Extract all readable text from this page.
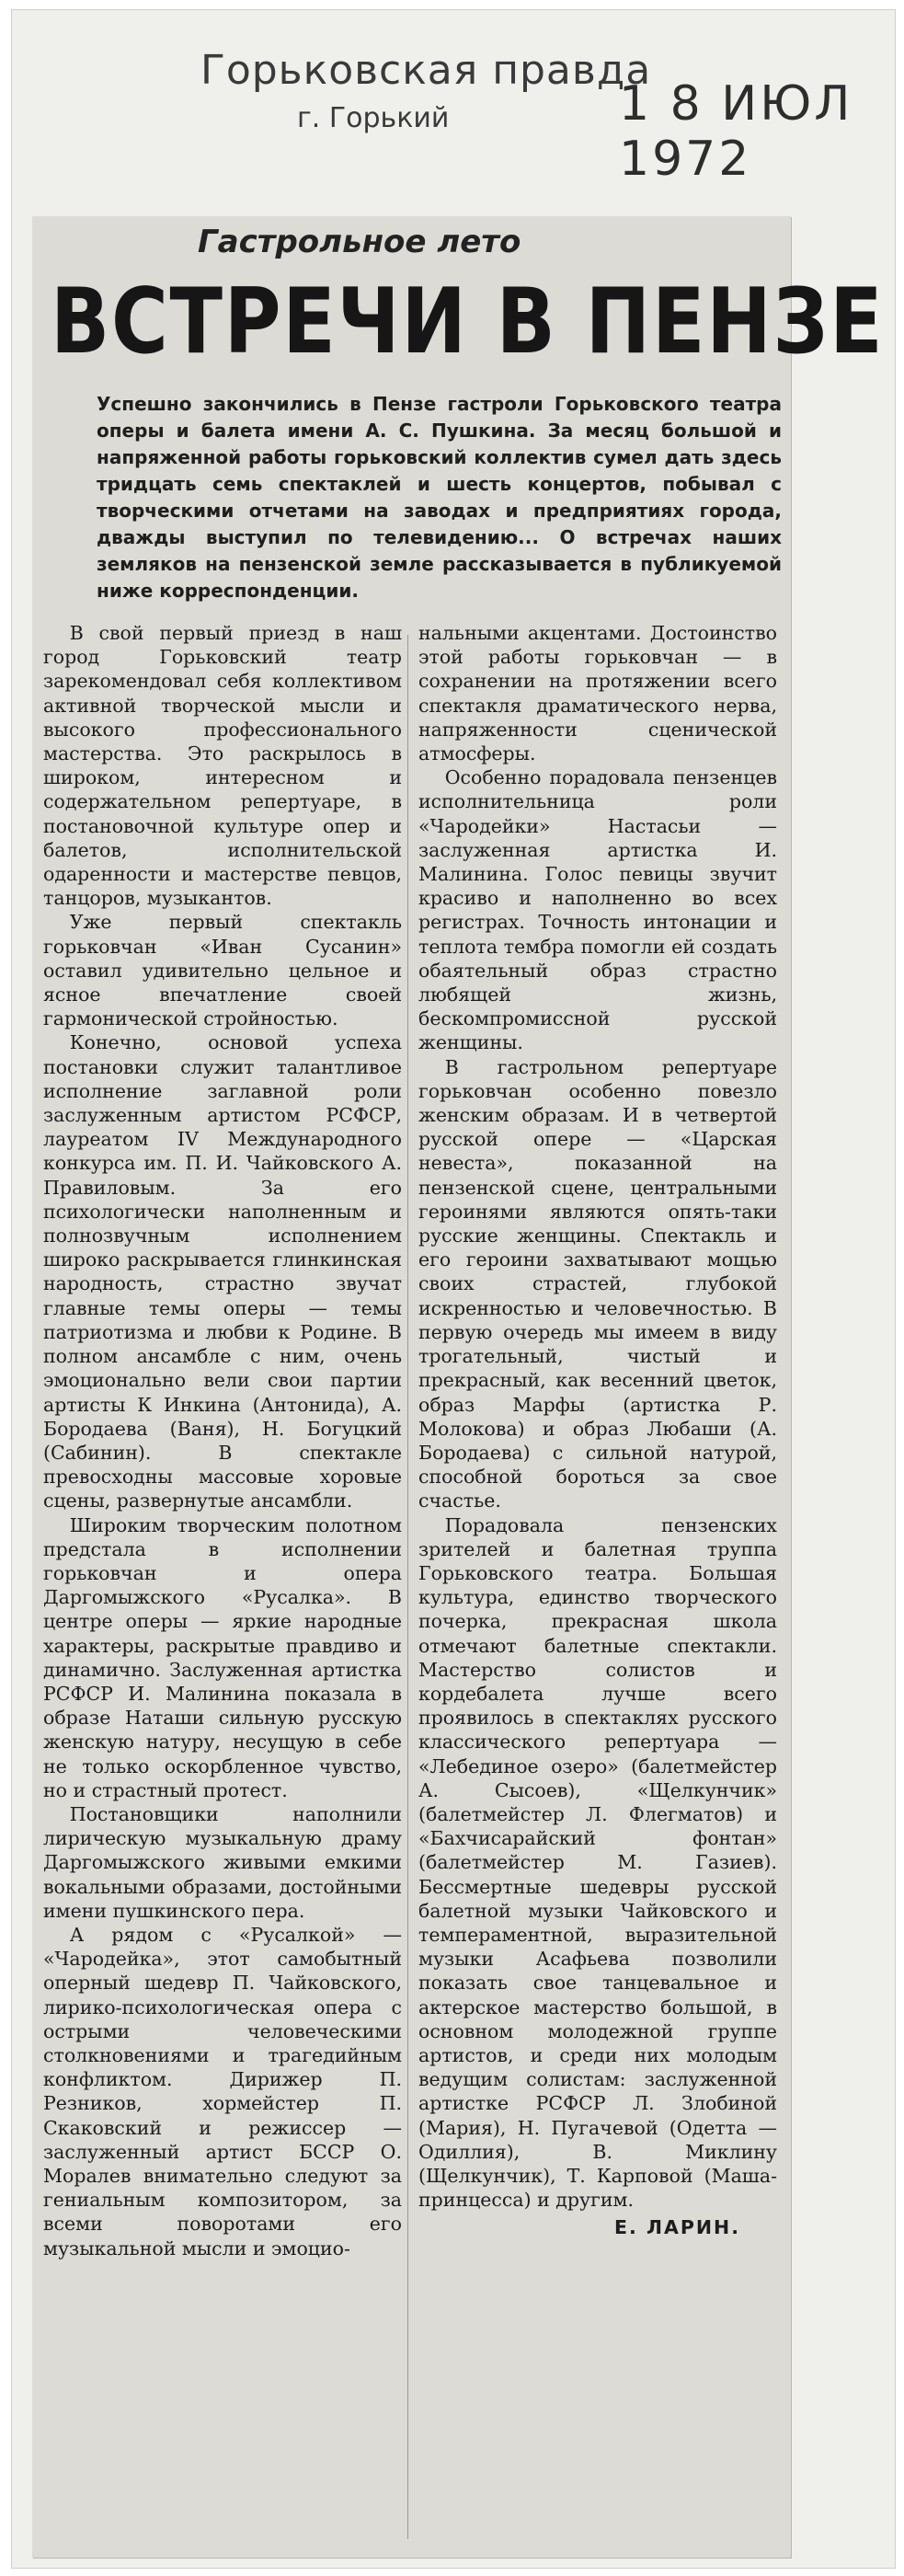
Горьковская правда
г. Горький	1 8 ИЮЛ 1972
Гастрольное лето
ВСТРЕЧИ В ПЕНЗЕ
Успешно закончились в Пензе гастроли Горьковского театра оперы и балета имени А. С. Пушкина. За месяц большой и напряженной работы горьковский коллектив сумел дать здесь тридцать семь спектаклей и шесть концертов, побывал с творческими отчетами на заводах и предприятиях города, дважды выступил по телевидению... О встречах наших земляков на пензенской земле рассказывается в публикуемой ниже корреспонденции.

В свой первый приезд в наш город Горьковский театр зарекомендовал себя коллективом активной творческой мысли и высокого профессионального мастерства. Это раскрылось в широком, интересном и содержательном репертуаре, в постановочной культуре опер и балетов, исполнительской одаренности и мастерстве певцов, танцоров, музыкантов.

Уже первый спектакль горьковчан «Иван Сусанин» оставил удивительно цельное и ясное впечатление своей гармонической стройностью.

Конечно, основой успеха постановки служит талантливое исполнение заглавной роли заслуженным артистом РСФСР, лауреатом IV Международного конкурса им. П. И. Чайковского А. Правиловым. За его психологически наполненным и полнозвучным исполнением широко раскрывается глинкинская народность, страстно звучат главные темы оперы — темы патриотизма и любви к Родине. В полном ансамбле с ним, очень эмоционально вели свои партии артисты К Инкина (Антонида), А. Бородаева (Ваня), Н. Богуцкий (Сабинин). В спектакле превосходны массовые хоровые сцены, развернутые ансамбли.

Широким творческим полотном предстала в исполнении горьковчан и опера Даргомыжского «Русалка». В центре оперы — яркие народные характеры, раскрытые правдиво и динамично. Заслуженная артистка РСФСР И. Малинина показала в образе Наташи сильную русскую женскую натуру, несущую в себе не только оскорбленное чувство, но и страстный протест.

Постановщики наполнили лирическую музыкальную драму Даргомыжского живыми емкими вокальными образами, достойными имени пушкинского пера.

А рядом с «Русалкой» — «Чародейка», этот самобытный оперный шедевр П. Чайковского, лирико-психологическая опера с острыми человеческими столкновениями и трагедийным конфликтом. Дирижер П. Резников, хормейстер П. Скаковский и режиссер — заслуженный артист БССР О. Моралев внимательно следуют за гениальным композитором, за всеми поворотами его музыкальной мысли и эмоцио-

нальными акцентами. Достоинство этой работы горьковчан — в сохранении на протяжении всего спектакля драматического нерва, напряженности сценической атмосферы.

Особенно порадовала пензенцев исполнительница роли «Чародейки» Настасьи — заслуженная артистка И. Малинина. Голос певицы звучит красиво и наполненно во всех регистрах. Точность интонации и теплота тембра помогли ей создать обаятельный образ страстно любящей жизнь, бескомпромиссной русской женщины.

В гастрольном репертуаре горьковчан особенно повезло женским образам. И в четвертой русской опере — «Царская невеста», показанной на пензенской сцене, центральными героинями являются опять-таки русские женщины. Спектакль и его героини захватывают мощью своих страстей, глубокой искренностью и человечностью. В первую очередь мы имеем в виду трогательный, чистый и прекрасный, как весенний цветок, образ Марфы (артистка Р. Молокова) и образ Любаши (А. Бородаева) с сильной натурой, способной бороться за свое счастье.

Порадовала пензенских зрителей и балетная труппа Горьковского театра. Большая культура, единство творческого почерка, прекрасная школа отмечают балетные спектакли. Мастерство солистов и кордебалета лучше всего проявилось в спектаклях русского классического репертуара — «Лебединое озеро» (балетмейстер А. Сысоев), «Щелкунчик» (балетмейстер Л. Флегматов) и «Бахчисарайский фонтан» (балетмейстер М. Газиев). Бессмертные шедевры русской балетной музыки Чайковского и темпераментной, выразительной музыки Асафьева позволили показать свое танцевальное и актерское мастерство большой, в основном молодежной группе артистов, и среди них молодым ведущим солистам: заслуженной артистке РСФСР Л. Злобиной (Мария), Н. Пугачевой (Одетта — Одиллия), В. Миклину (Щелкунчик), Т. Карповой (Маша-принцесса) и другим.

Е. ЛАРИН.
